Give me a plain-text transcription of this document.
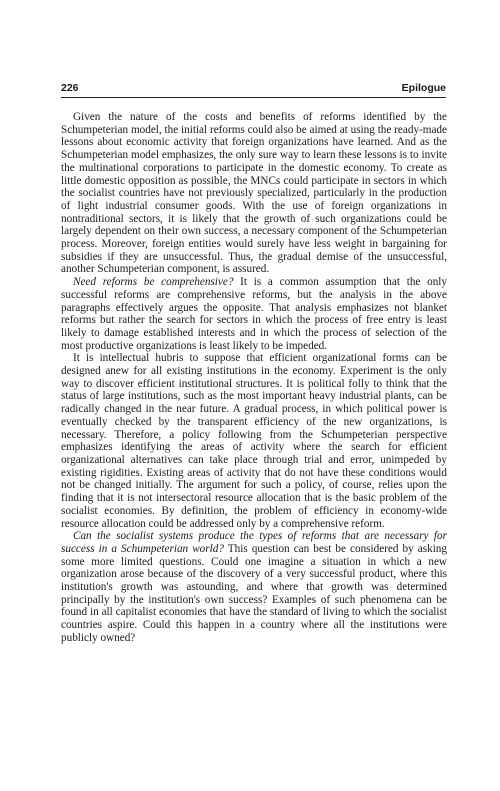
226	Epilogue

Given the nature of the costs and benefits of reforms identified by the Schumpeterian model, the initial reforms could also be aimed at using the ready-made lessons about economic activity that foreign organizations have learned. And as the Schumpeterian model emphasizes, the only sure way to learn these lessons is to invite the multinational corporations to participate in the domestic economy. To create as little domestic opposition as possible, the MNCs could participate in sectors in which the socialist countries have not previously specialized, particularly in the production of light industrial consumer goods. With the use of foreign organizations in nontraditional sectors, it is likely that the growth of such organizations could be largely dependent on their own success, a necessary component of the Schumpeterian process. Moreover, foreign entities would surely have less weight in bargaining for subsidies if they are unsuccessful. Thus, the gradual demise of the unsuccessful, another Schumpeterian component, is assured.

Need reforms be comprehensive? It is a common assumption that the only successful reforms are comprehensive reforms, but the analysis in the above paragraphs effectively argues the opposite. That analysis emphasizes not blanket reforms but rather the search for sectors in which the process of free entry is least likely to damage established interests and in which the process of selection of the most productive organizations is least likely to be impeded.

It is intellectual hubris to suppose that efficient organizational forms can be designed anew for all existing institutions in the economy. Experiment is the only way to discover efficient institutional structures. It is political folly to think that the status of large institutions, such as the most important heavy industrial plants, can be radically changed in the near future. A gradual process, in which political power is eventually checked by the transparent efficiency of the new organizations, is necessary. Therefore, a policy following from the Schumpeterian perspective emphasizes identifying the areas of activity where the search for efficient organizational alternatives can take place through trial and error, unimpeded by existing rigidities. Existing areas of activity that do not have these conditions would not be changed initially. The argument for such a policy, of course, relies upon the finding that it is not intersectoral resource allocation that is the basic problem of the socialist economies. By definition, the problem of efficiency in economy-wide resource allocation could be addressed only by a comprehensive reform.

Can the socialist systems produce the types of reforms that are necessary for success in a Schumpeterian world? This question can best be considered by asking some more limited questions. Could one imagine a situation in which a new organization arose because of the discovery of a very successful product, where this institution's growth was astounding, and where that growth was determined principally by the institution's own success? Examples of such phenomena can be found in all capitalist economies that have the standard of living to which the socialist countries aspire. Could this happen in a country where all the institutions were publicly owned?
